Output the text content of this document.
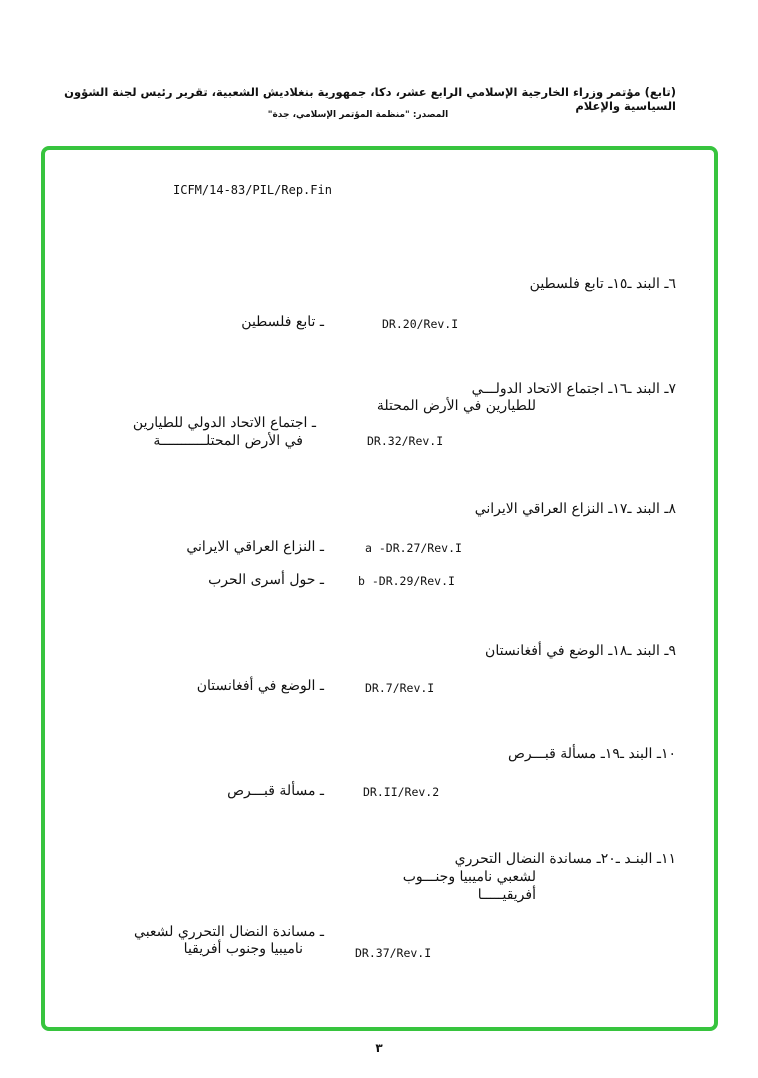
(تابع) مؤتمر وزراء الخارجية الإسلامي الرابع عشر، دكا، جمهورية بنغلاديش الشعبية، تقرير رئيس لجنة الشؤون السياسية والإعلام
المصدر: "منظمة المؤتمر الإسلامي، جدة"
ICFM/14-83/PIL/Rep.Fin
٦ـ البند ـ١٥ـ تابع فلسطين
ـ تابع فلسطين	DR.20/Rev.I
٧ـ البند ـ١٦ـ اجتماع الاتحاد الدولـــي
للطيارين في الأرض المحتلة
ـ اجتماع الاتحاد الدولي للطيارين
في الأرض المحتلـــــــــــة	DR.32/Rev.I
٨ـ البند ـ١٧ـ النزاع العراقي الايراني
ـ النزاع العراقي الايراني	a -DR.27/Rev.I
ـ حول أسرى الحرب	b -DR.29/Rev.I
٩ـ البند ـ١٨ـ الوضع في أفغانستان
ـ الوضع في أفغانستان	DR.7/Rev.I
١٠ـ البند ـ١٩ـ مسألة قبـــرص
ـ مسألة قبـــرص	DR.II/Rev.2
١١ـ البنـد ـ٢٠ـ مساندة النضال التحرري
لشعبي ناميبيا وجنـــوب
أفريقيـــــا
ـ مساندة النضال التحرري لشعبي
ناميبيا وجنوب أفريقيا	DR.37/Rev.I
٣
